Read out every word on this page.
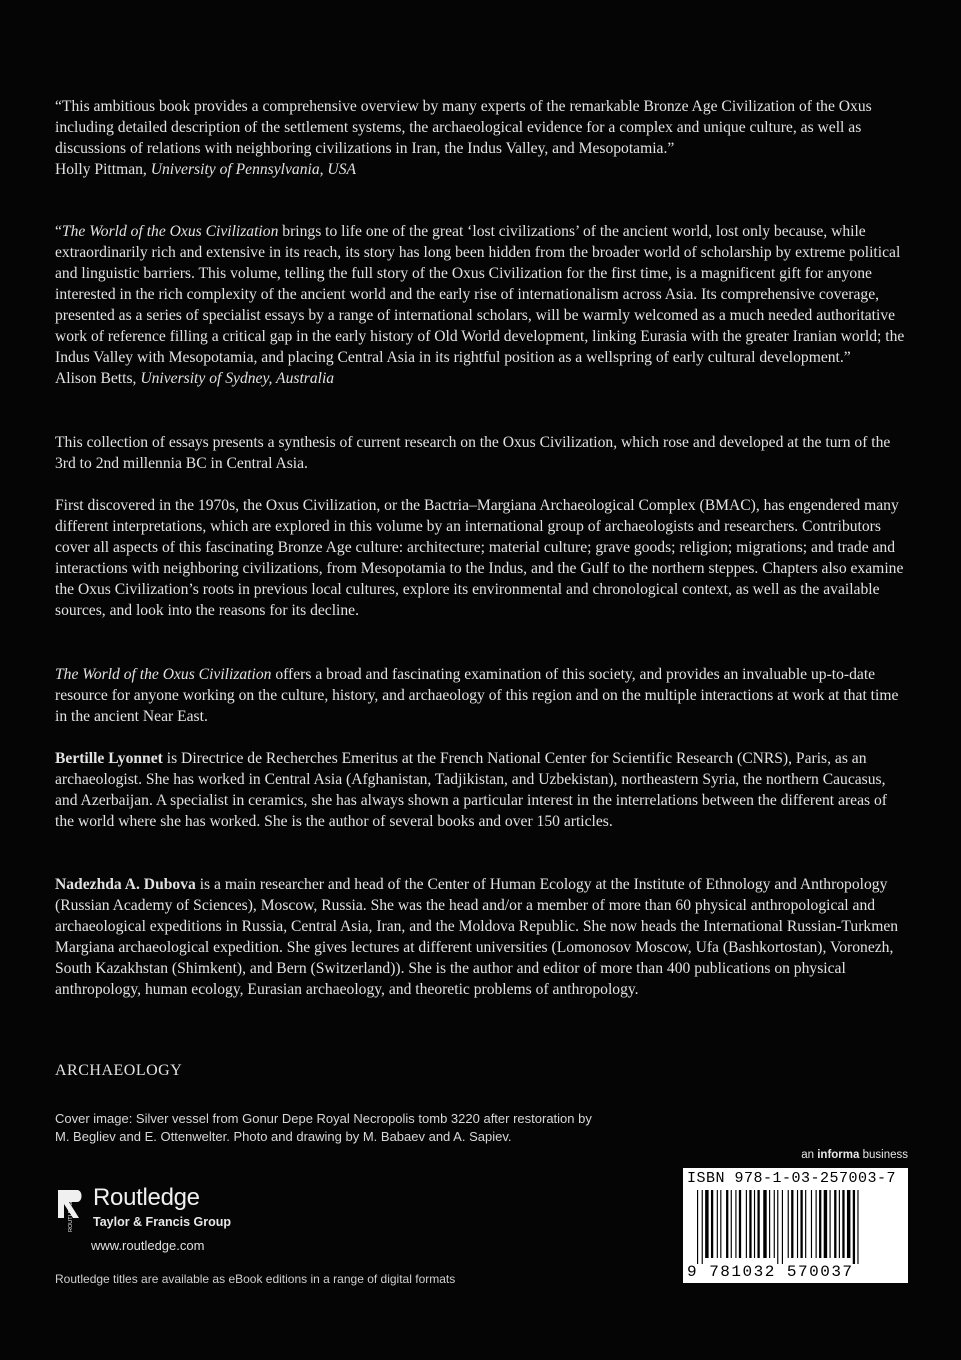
“This ambitious book provides a comprehensive overview by many experts of the remarkable Bronze Age Civilization of the Oxus including detailed description of the settlement systems, the archaeological evidence for a complex and unique culture, as well as discussions of relations with neighboring civilizations in Iran, the Indus Valley, and Mesopotamia.”

Holly Pittman, University of Pennsylvania, USA

“The World of the Oxus Civilization brings to life one of the great ‘lost civilizations’ of the ancient world, lost only because, while extraordinarily rich and extensive in its reach, its story has long been hidden from the broader world of scholarship by extreme political and linguistic barriers. This volume, telling the full story of the Oxus Civilization for the first time, is a magnificent gift for anyone interested in the rich complexity of the ancient world and the early rise of internationalism across Asia. Its comprehensive coverage, presented as a series of specialist essays by a range of international scholars, will be warmly welcomed as a much needed authoritative work of reference filling a critical gap in the early history of Old World development, linking Eurasia with the greater Iranian world; the Indus Valley with Mesopotamia, and placing Central Asia in its rightful position as a wellspring of early cultural development.”

Alison Betts, University of Sydney, Australia

This collection of essays presents a synthesis of current research on the Oxus Civilization, which rose and developed at the turn of the 3rd to 2nd millennia BC in Central Asia.

First discovered in the 1970s, the Oxus Civilization, or the Bactria–Margiana Archaeological Complex (BMAC), has engendered many different interpretations, which are explored in this volume by an international group of archaeologists and researchers. Contributors cover all aspects of this fascinating Bronze Age culture: architecture; material culture; grave goods; religion; migrations; and trade and interactions with neighboring civilizations, from Mesopotamia to the Indus, and the Gulf to the northern steppes. Chapters also examine the Oxus Civilization’s roots in previous local cultures, explore its environmental and chronological context, as well as the available sources, and look into the reasons for its decline.

The World of the Oxus Civilization offers a broad and fascinating examination of this society, and provides an invaluable up-to-date resource for anyone working on the culture, history, and archaeology of this region and on the multiple interactions at work at that time in the ancient Near East.

Bertille Lyonnet is Directrice de Recherches Emeritus at the French National Center for Scientific Research (CNRS), Paris, as an archaeologist. She has worked in Central Asia (Afghanistan, Tadjikistan, and Uzbekistan), northeastern Syria, the northern Caucasus, and Azerbaijan. A specialist in ceramics, she has always shown a particular interest in the interrelations between the different areas of the world where she has worked. She is the author of several books and over 150 articles.

Nadezhda A. Dubova is a main researcher and head of the Center of Human Ecology at the Institute of Ethnology and Anthropology (Russian Academy of Sciences), Moscow, Russia. She was the head and/or a member of more than 60 physical anthropological and archaeological expeditions in Russia, Central Asia, Iran, and the Moldova Republic. She now heads the International Russian-Turkmen Margiana archaeological expedition. She gives lectures at different universities (Lomonosov Moscow, Ufa (Bashkortostan), Voronezh, South Kazakhstan (Shimkent), and Bern (Switzerland)). She is the author and editor of more than 400 publications on physical anthropology, human ecology, Eurasian archaeology, and theoretic problems of anthropology.

ARCHAEOLOGY
Cover image: Silver vessel from Gonur Depe Royal Necropolis tomb 3220 after restoration by
M. Begliev and E. Ottenwelter. Photo and drawing by M. Babaev and A. Sapiev.
ROUTLEDGE
Routledge
Taylor & Francis Group
www.routledge.com
Routledge titles are available as eBook editions in a range of digital formats
an informa business
ISBN 978-1-03-257003-7
9 781032 570037
